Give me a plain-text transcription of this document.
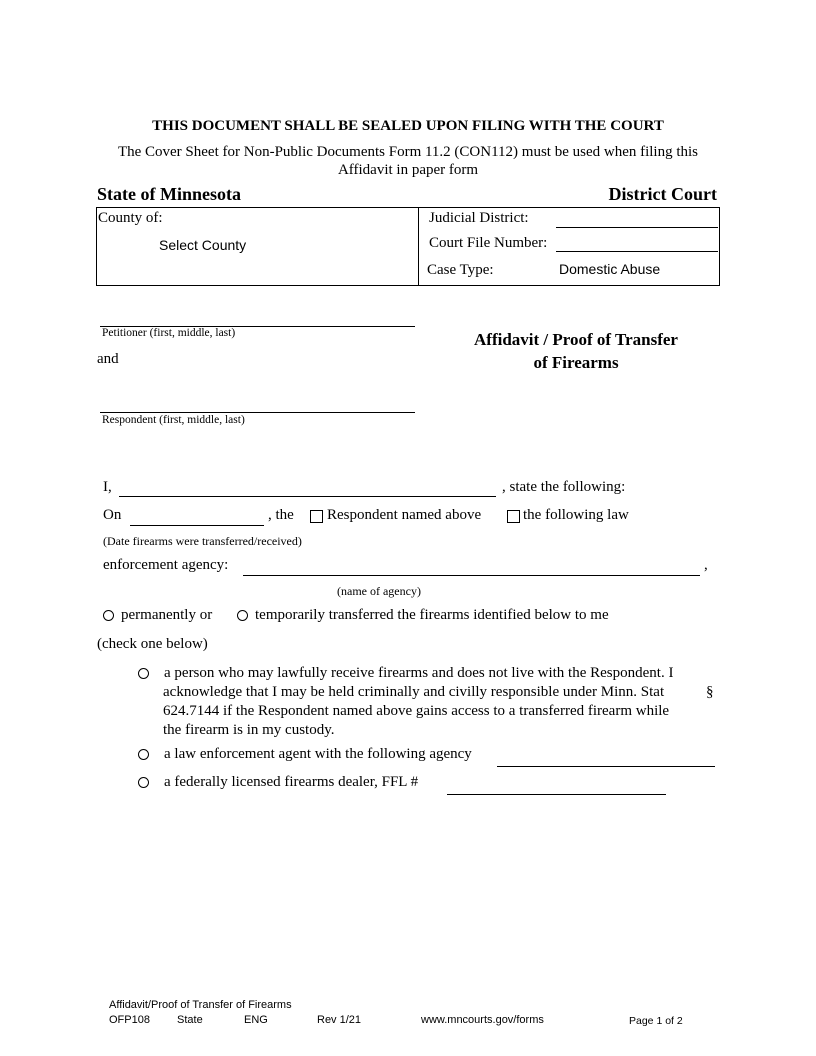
THIS DOCUMENT SHALL BE SEALED UPON FILING WITH THE COURT
The Cover Sheet for Non-Public Documents Form 11.2 (CON112) must be used when filing this
Affidavit in paper form
State of Minnesota	District Court
County of:
Select County
Judicial District:
Court File Number:
Case Type:	Domestic Abuse
Petitioner (first, middle, last)
and
Respondent (first, middle, last)
Affidavit / Proof of Transfer
of Firearms
I,	, state the following:
On	, the Respondent named above	the following law
(Date firearms were transferred/received)
enforcement agency:	,
(name of agency)
permanently or	temporarily transferred the firearms identified below to me
(check one below)
a person who may lawfully receive firearms and does not live with the Respondent. I
acknowledge that I may be held criminally and civilly responsible under Minn. Stat	§
624.7144 if the Respondent named above gains access to a transferred firearm while
the firearm is in my custody.
a law enforcement agent with the following agency
a federally licensed firearms dealer, FFL #
Affidavit/Proof of Transfer of Firearms
OFP108 State	ENG	Rev 1/21	www.mncourts.gov/forms	Page 1 of 2
